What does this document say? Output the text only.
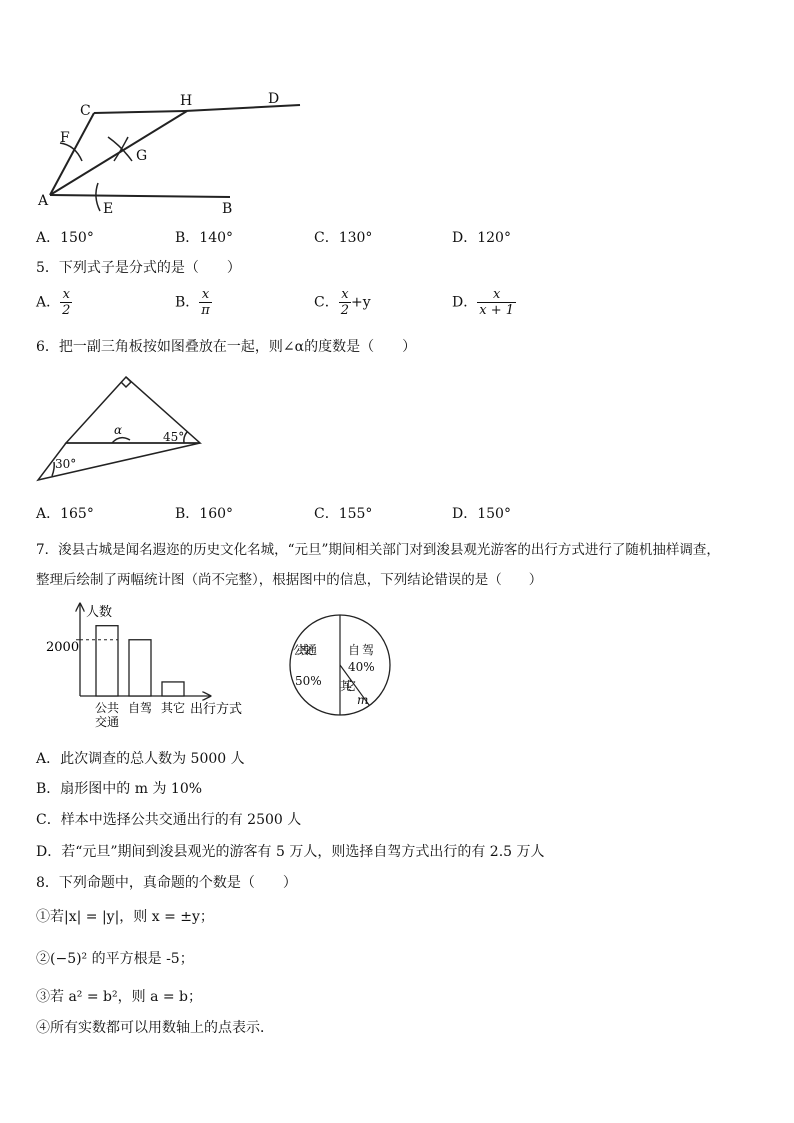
C
H	D
F
G
A	E	B
A．150°	B．140°	C．130°	D．120°
5．下列式子是分式的是（　　）
A． $\frac{x}{2}$	B． $\frac{x}{\pi}$	C． $\frac{x}{2} +y$	D． $\frac{x}{x + 1}$
6．把一副三角板按如图叠放在一起，则∠α的度数是（　　）
α	45°
30°
A．165°	B．160°	C．155°	D．150°
7．浚县古城是闻名遐迩的历史文化名城，“元旦”期间相关部门对到浚县观光游客的出行方式进行了随机抽样调查，
整理后绘制了两幅统计图（尚不完整），根据图中的信息，下列结论错误的是（　　）
人数
出行方式
2000
公共
交通
自驾 其它
公共交通
50%
自驾
40%
其它
m
A．此次调查的总人数为 5000 人
B．扇形图中的 m 为 10%
C．样本中选择公共交通出行的有 2500 人
D．若“元旦”期间到浚县观光的游客有 5 万人，则选择自驾方式出行的有 2.5 万人
8．下列命题中，真命题的个数是（　　）
①若|x| = |y|，则 x = ±y；
②(−5)² 的平方根是 -5；
③若 a² = b²，则 a = b；
④所有实数都可以用数轴上的点表示．
